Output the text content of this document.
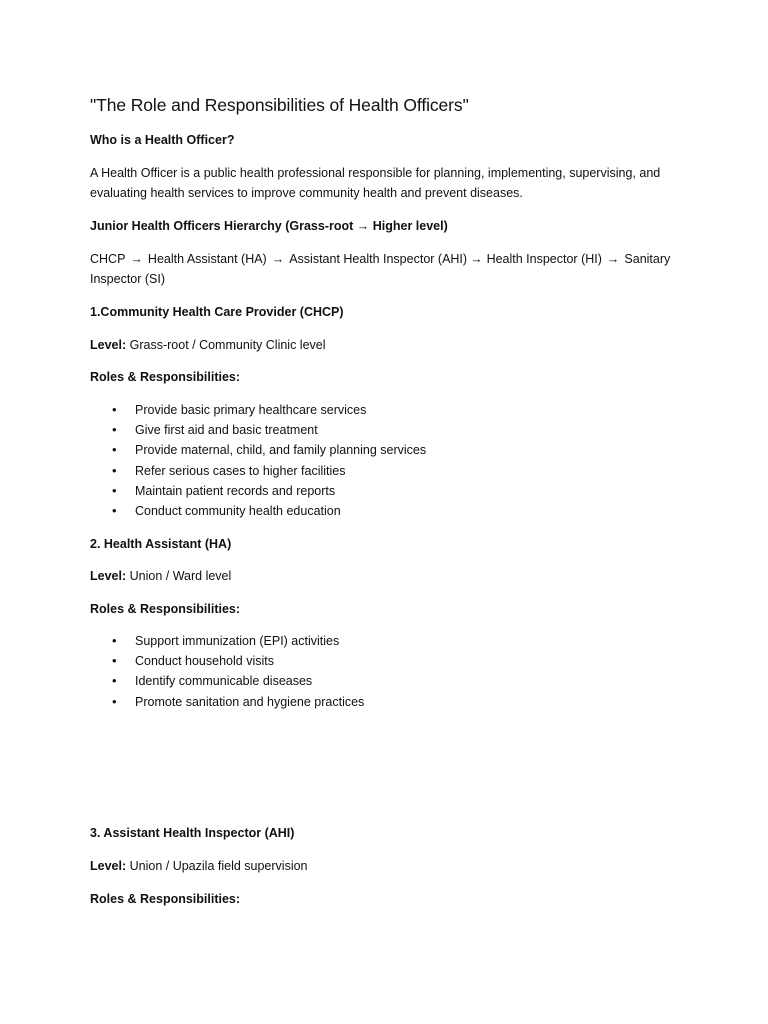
"The Role and Responsibilities of Health Officers"
Who is a Health Officer?
A Health Officer is a public health professional responsible for planning, implementing, supervising, and evaluating health services to improve community health and prevent diseases.
Junior Health Officers Hierarchy (Grass-root → Higher level)
CHCP → Health Assistant (HA) → Assistant Health Inspector (AHI) → Health Inspector (HI) → Sanitary Inspector (SI)
1.Community Health Care Provider (CHCP)
Level: Grass-root / Community Clinic level
Roles & Responsibilities:
• Provide basic primary healthcare services
• Give first aid and basic treatment
• Provide maternal, child, and family planning services
• Refer serious cases to higher facilities
• Maintain patient records and reports
• Conduct community health education
2. Health Assistant (HA)
Level: Union / Ward level
Roles & Responsibilities:
• Support immunization (EPI) activities
• Conduct household visits
• Identify communicable diseases
• Promote sanitation and hygiene practices
3. Assistant Health Inspector (AHI)
Level: Union / Upazila field supervision
Roles & Responsibilities:
